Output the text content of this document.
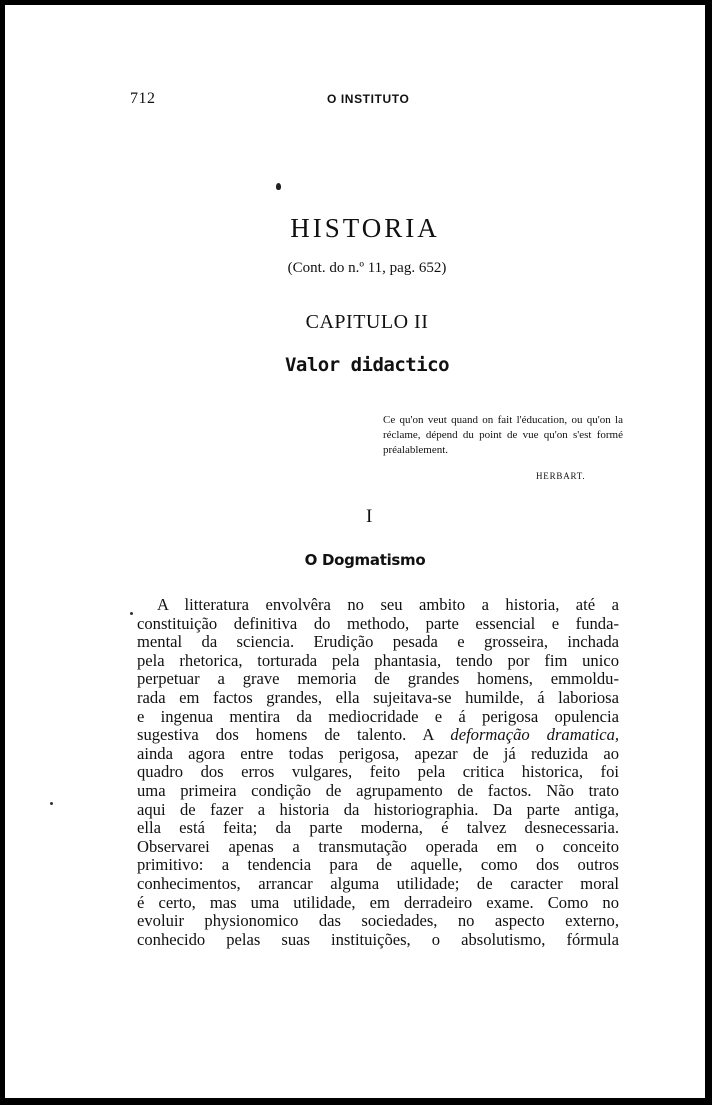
712	O INSTITUTO
HISTORIA
(Cont. do n.º 11, pag. 652)
CAPITULO II
Valor didactico
Ce qu'on veut quand on fait l'éducation, ou qu'on la réclame, dépend du point de vue qu'on s'est formé préalablement.
HERBART.
I
O Dogmatismo
A litteratura envolvêra no seu ambito a historia, até a
constituição definitiva do methodo, parte essencial e funda-
mental da sciencia. Erudição pesada e grosseira, inchada
pela rhetorica, torturada pela phantasia, tendo por fim unico
perpetuar a grave memoria de grandes homens, emmoldu-
rada em factos grandes, ella sujeitava-se humilde, á laboriosa
e ingenua mentira da mediocridade e á perigosa opulencia
sugestiva dos homens de talento. A deformação dramatica,
ainda agora entre todas perigosa, apezar de já reduzida ao
quadro dos erros vulgares, feito pela critica historica, foi
uma primeira condição de agrupamento de factos. Não trato
aqui de fazer a historia da historiographia. Da parte antiga,
ella está feita; da parte moderna, é talvez desnecessaria.
Observarei apenas a transmutação operada em o conceito
primitivo: a tendencia para de aquelle, como dos outros
conhecimentos, arrancar alguma utilidade; de caracter moral
é certo, mas uma utilidade, em derradeiro exame. Como no
evoluir physionomico das sociedades, no aspecto externo,
conhecido pelas suas instituições, o absolutismo, fórmula
